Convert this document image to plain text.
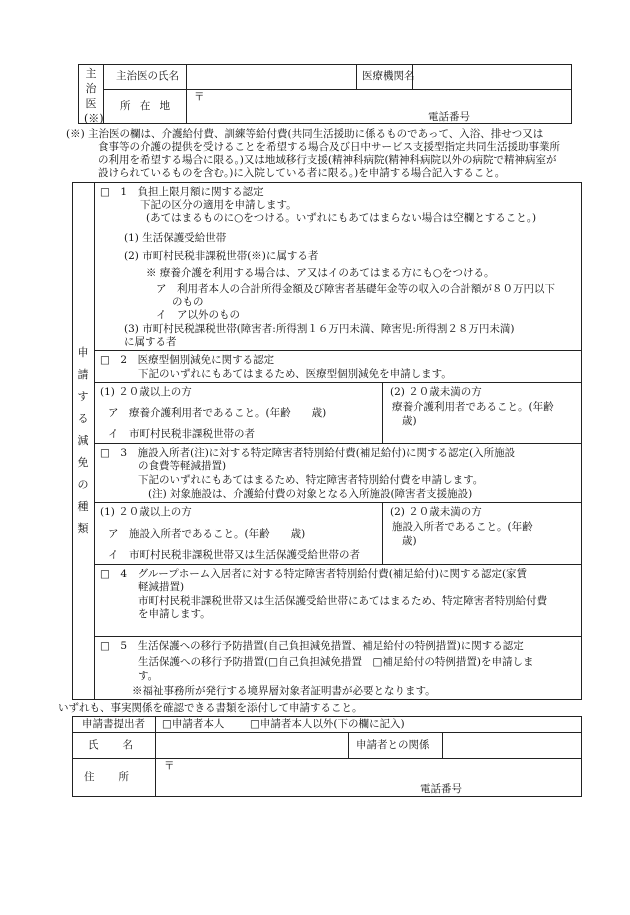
主治医(※)
主治医の氏名	医療機関名
所 在 地
〒
電話番号
(※) 主治医の欄は、介護給付費、訓練等給付費(共同生活援助に係るものであって、入浴、排せつ又は
食事等の介護の提供を受けることを希望する場合及び日中サービス支援型指定共同生活援助事業所
の利用を希望する場合に限る。)又は地域移行支援(精神科病院(精神科病院以外の病院で精神病室が
設けられているものを含む。)に入院している者に限る。)を申請する場合記入すること。
申請する減免の種類
□　1　負担上限月額に関する認定
下記の区分の適用を申請します。
(あてはまるものに○をつける。いずれにもあてはまらない場合は空欄とすること。)
(1) 生活保護受給世帯
(2) 市町村民税非課税世帯(※)に属する者
※ 療養介護を利用する場合は、ア又はイのあてはまる方にも○をつける。
ア　利用者本人の合計所得金額及び障害者基礎年金等の収入の合計額が８０万円以下
のもの
イ　ア以外のもの
(3) 市町村民税課税世帯(障害者:所得割１６万円未満、障害児:所得割２８万円未満)
に属する者
□　2　医療型個別減免に関する認定
下記のいずれにもあてはまるため、医療型個別減免を申請します。
(1) ２０歳以上の方
ア　療養介護利用者であること。(年齢　　歳)
イ　市町村民税非課税世帯の者
(2) ２０歳未満の方
療養介護利用者であること。(年齢
歳)
□　3　施設入所者(注)に対する特定障害者特別給付費(補足給付)に関する認定(入所施設
の食費等軽減措置)
下記のいずれにもあてはまるため、特定障害者特別給付費を申請します。
(注) 対象施設は、介護給付費の対象となる入所施設(障害者支援施設)
(1) ２０歳以上の方
ア　施設入所者であること。(年齢　　歳)
イ　市町村民税非課税世帯又は生活保護受給世帯の者
(2) ２０歳未満の方
施設入所者であること。(年齢
歳)
□　4　グループホーム入居者に対する特定障害者特別給付費(補足給付)に関する認定(家賃
軽減措置)
市町村民税非課税世帯又は生活保護受給世帯にあてはまるため、特定障害者特別給付費
を申請します。
□　5　生活保護への移行予防措置(自己負担減免措置、補足給付の特例措置)に関する認定
生活保護への移行予防措置(□自己負担減免措置　□補足給付の特例措置)を申請しま
す。
※福祉事務所が発行する境界層対象者証明書が必要となります。
いずれも、事実関係を確認できる書類を添付して申請すること。
申請書提出者 □申請者本人 □申請者本人以外(下の欄に記入)
氏　　名	申請者との関係
住　　所
〒
電話番号
